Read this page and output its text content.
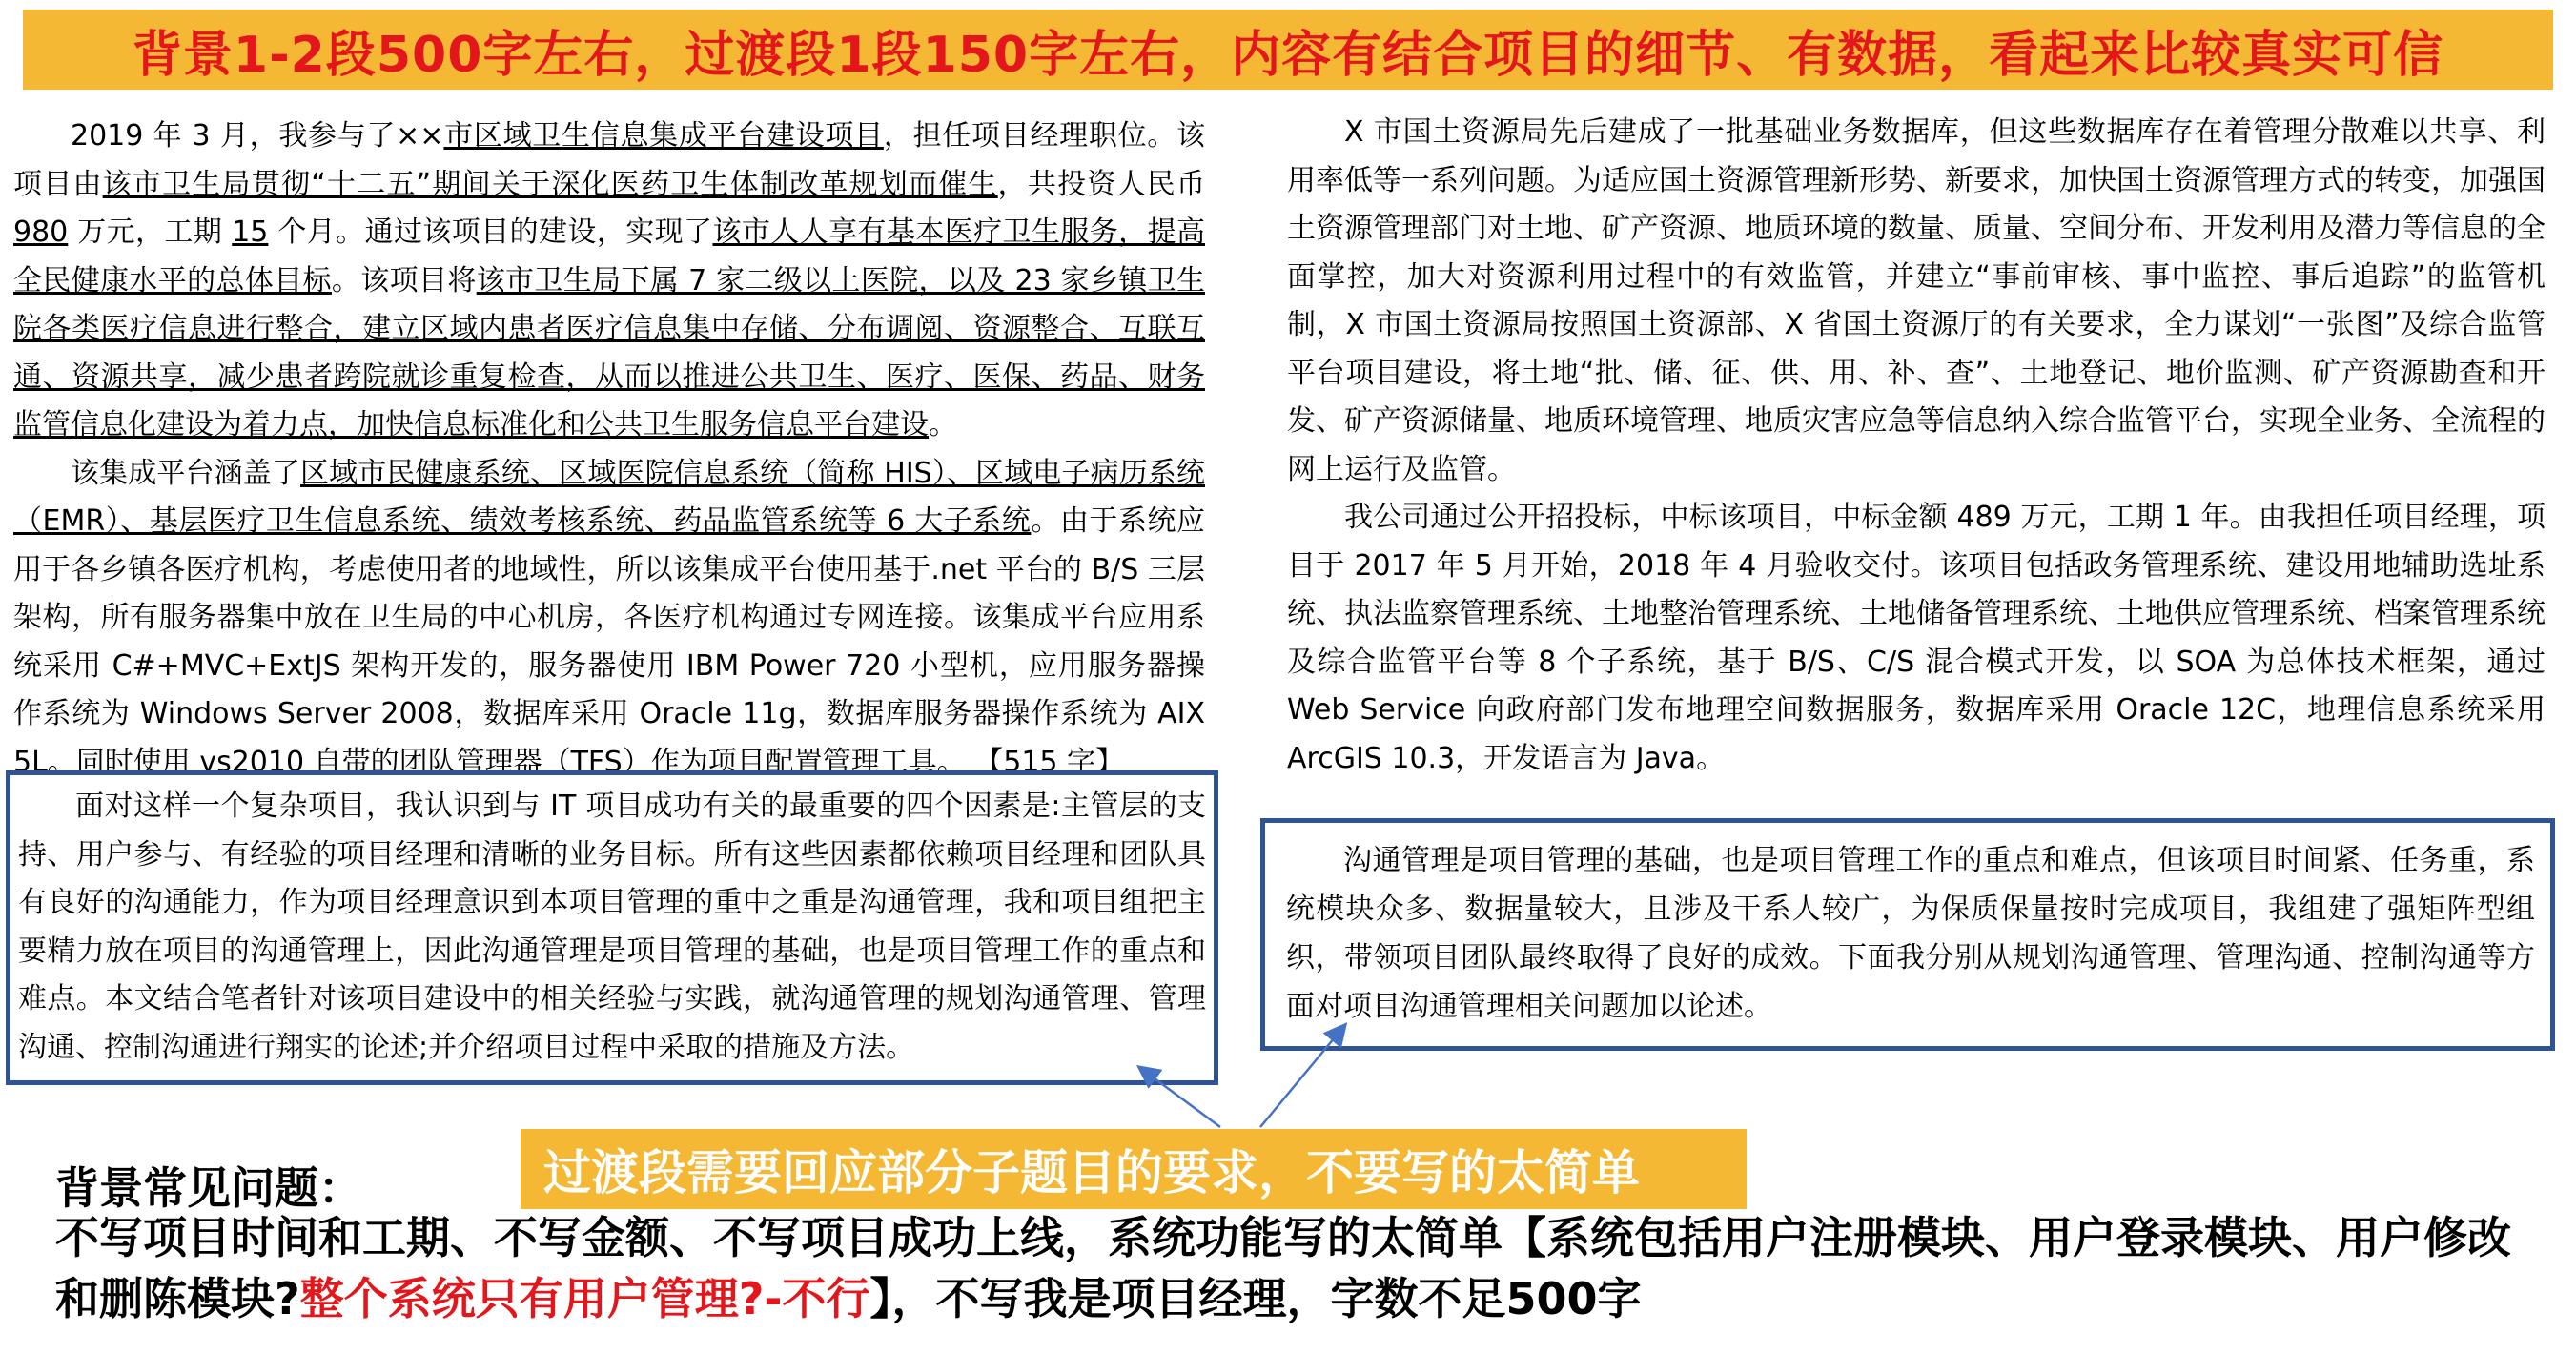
背景1-2段500字左右，过渡段1段150字左右，内容有结合项目的细节、有数据，看起来比较真实可信

2019 年 3 月，我参与了××市区域卫生信息集成平台建设项目，担任项目经理职位。该项目由该市卫生局贯彻“十二五”期间关于深化医药卫生体制改革规划而催生，共投资人民币 980 万元，工期 15 个月。通过该项目的建设，实现了该市人人享有基本医疗卫生服务，提高全民健康水平的总体目标。该项目将该市卫生局下属 7 家二级以上医院，以及 23 家乡镇卫生院各类医疗信息进行整合，建立区域内患者医疗信息集中存储、分布调阅、资源整合、互联互通、资源共享，减少患者跨院就诊重复检查，从而以推进公共卫生、医疗、医保、药品、财务监管信息化建设为着力点，加快信息标准化和公共卫生服务信息平台建设。

该集成平台涵盖了区域市民健康系统、区域医院信息系统（简称 HIS）、区域电子病历系统（EMR）、基层医疗卫生信息系统、绩效考核系统、药品监管系统等 6 大子系统。由于系统应用于各乡镇各医疗机构，考虑使用者的地域性，所以该集成平台使用基于.net 平台的 B/S 三层架构，所有服务器集中放在卫生局的中心机房，各医疗机构通过专网连接。该集成平台应用系统采用 C#+MVC+ExtJS 架构开发的，服务器使用 IBM Power 720 小型机，应用服务器操作系统为 Windows Server 2008，数据库采用 Oracle 11g，数据库服务器操作系统为 AIX 5L。同时使用 vs2010 自带的团队管理器（TFS）作为项目配置管理工具。 【515 字】

面对这样一个复杂项目，我认识到与 IT 项目成功有关的最重要的四个因素是:主管层的支持、用户参与、有经验的项目经理和清晰的业务目标。所有这些因素都依赖项目经理和团队具有良好的沟通能力，作为项目经理意识到本项目管理的重中之重是沟通管理，我和项目组把主要精力放在项目的沟通管理上，因此沟通管理是项目管理的基础，也是项目管理工作的重点和难点。本文结合笔者针对该项目建设中的相关经验与实践，就沟通管理的规划沟通管理、管理沟通、控制沟通进行翔实的论述;并介绍项目过程中采取的措施及方法。

X 市国土资源局先后建成了一批基础业务数据库，但这些数据库存在着管理分散难以共享、利用率低等一系列问题。为适应国土资源管理新形势、新要求，加快国土资源管理方式的转变，加强国土资源管理部门对土地、矿产资源、地质环境的数量、质量、空间分布、开发利用及潜力等信息的全面掌控，加大对资源利用过程中的有效监管，并建立“事前审核、事中监控、事后追踪”的监管机制，X 市国土资源局按照国土资源部、X 省国土资源厅的有关要求，全力谋划“一张图”及综合监管平台项目建设，将土地“批、储、征、供、用、补、查”、土地登记、地价监测、矿产资源勘查和开发、矿产资源储量、地质环境管理、地质灾害应急等信息纳入综合监管平台，实现全业务、全流程的网上运行及监管。

我公司通过公开招投标，中标该项目，中标金额 489 万元，工期 1 年。由我担任项目经理，项目于 2017 年 5 月开始，2018 年 4 月验收交付。该项目包括政务管理系统、建设用地辅助选址系统、执法监察管理系统、土地整治管理系统、土地储备管理系统、土地供应管理系统、档案管理系统及综合监管平台等 8 个子系统，基于 B/S、C/S 混合模式开发，以 SOA 为总体技术框架，通过 Web Service 向政府部门发布地理空间数据服务，数据库采用 Oracle 12C，地理信息系统采用 ArcGIS 10.3，开发语言为 Java。

沟通管理是项目管理的基础，也是项目管理工作的重点和难点，但该项目时间紧、任务重，系统模块众多、数据量较大，且涉及干系人较广，为保质保量按时完成项目，我组建了强矩阵型组织，带领项目团队最终取得了良好的成效。下面我分别从规划沟通管理、管理沟通、控制沟通等方面对项目沟通管理相关问题加以论述。

过渡段需要回应部分子题目的要求，不要写的太简单
背景常见问题：
不写项目时间和工期、不写金额、不写项目成功上线，系统功能写的太简单【系统包括用户注册模块、用户登录模块、用户修改和删陈模块?整个系统只有用户管理?-不行】，不写我是项目经理，字数不足500字
